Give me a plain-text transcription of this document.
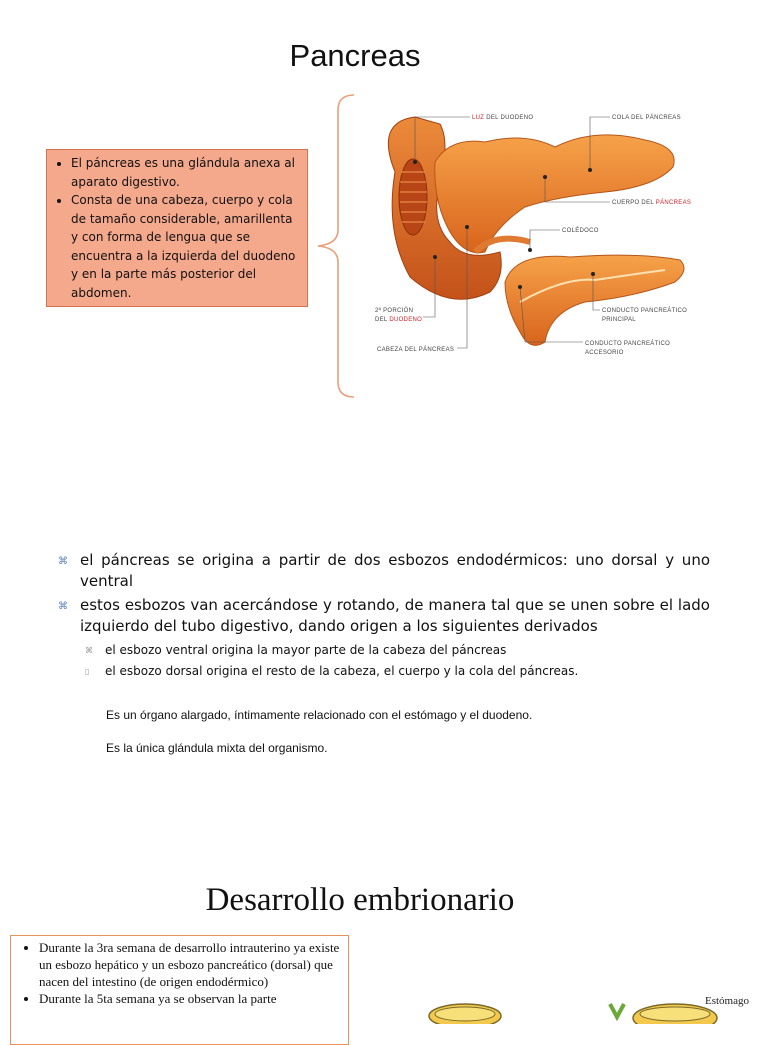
Pancreas
• El páncreas es una glándula anexa al aparato digestivo.
• Consta de una cabeza, cuerpo y cola de tamaño considerable, amarillenta y con forma de lengua que se encuentra a la izquierda del duodeno y en la parte más posterior del abdomen.
LUZ DEL DUODENO	COLA DEL PÁNCREAS
CUERPO DEL PÁNCREAS
COLÉDOCO
2ª PORCIÓN
DEL DUODENO
CABEZA DEL PÁNCREAS
CONDUCTO PANCREÁTICO
PRINCIPAL
CONDUCTO PANCREÁTICO
ACCESORIO
⌘ el páncreas se origina a partir de dos esbozos endodérmicos: uno dorsal y uno ventral
⌘ estos esbozos van acercándose y rotando, de manera tal que se unen sobre el lado izquierdo del tubo digestivo, dando origen a los siguientes derivados
⌘ el esbozo ventral origina la mayor parte de la cabeza del páncreas
▯ el esbozo dorsal origina el resto de la cabeza, el cuerpo y la cola del páncreas.
Es un órgano alargado, íntimamente relacionado con el estómago y el duodeno.
Es la única glándula mixta del organismo.
Desarrollo embrionario
• Durante la 3ra semana de desarrollo intrauterino ya existe un esbozo hepático y un esbozo pancreático (dorsal) que nacen del intestino (de origen endodérmico)
• Durante la 5ta semana ya se observan la parte	Estómago
